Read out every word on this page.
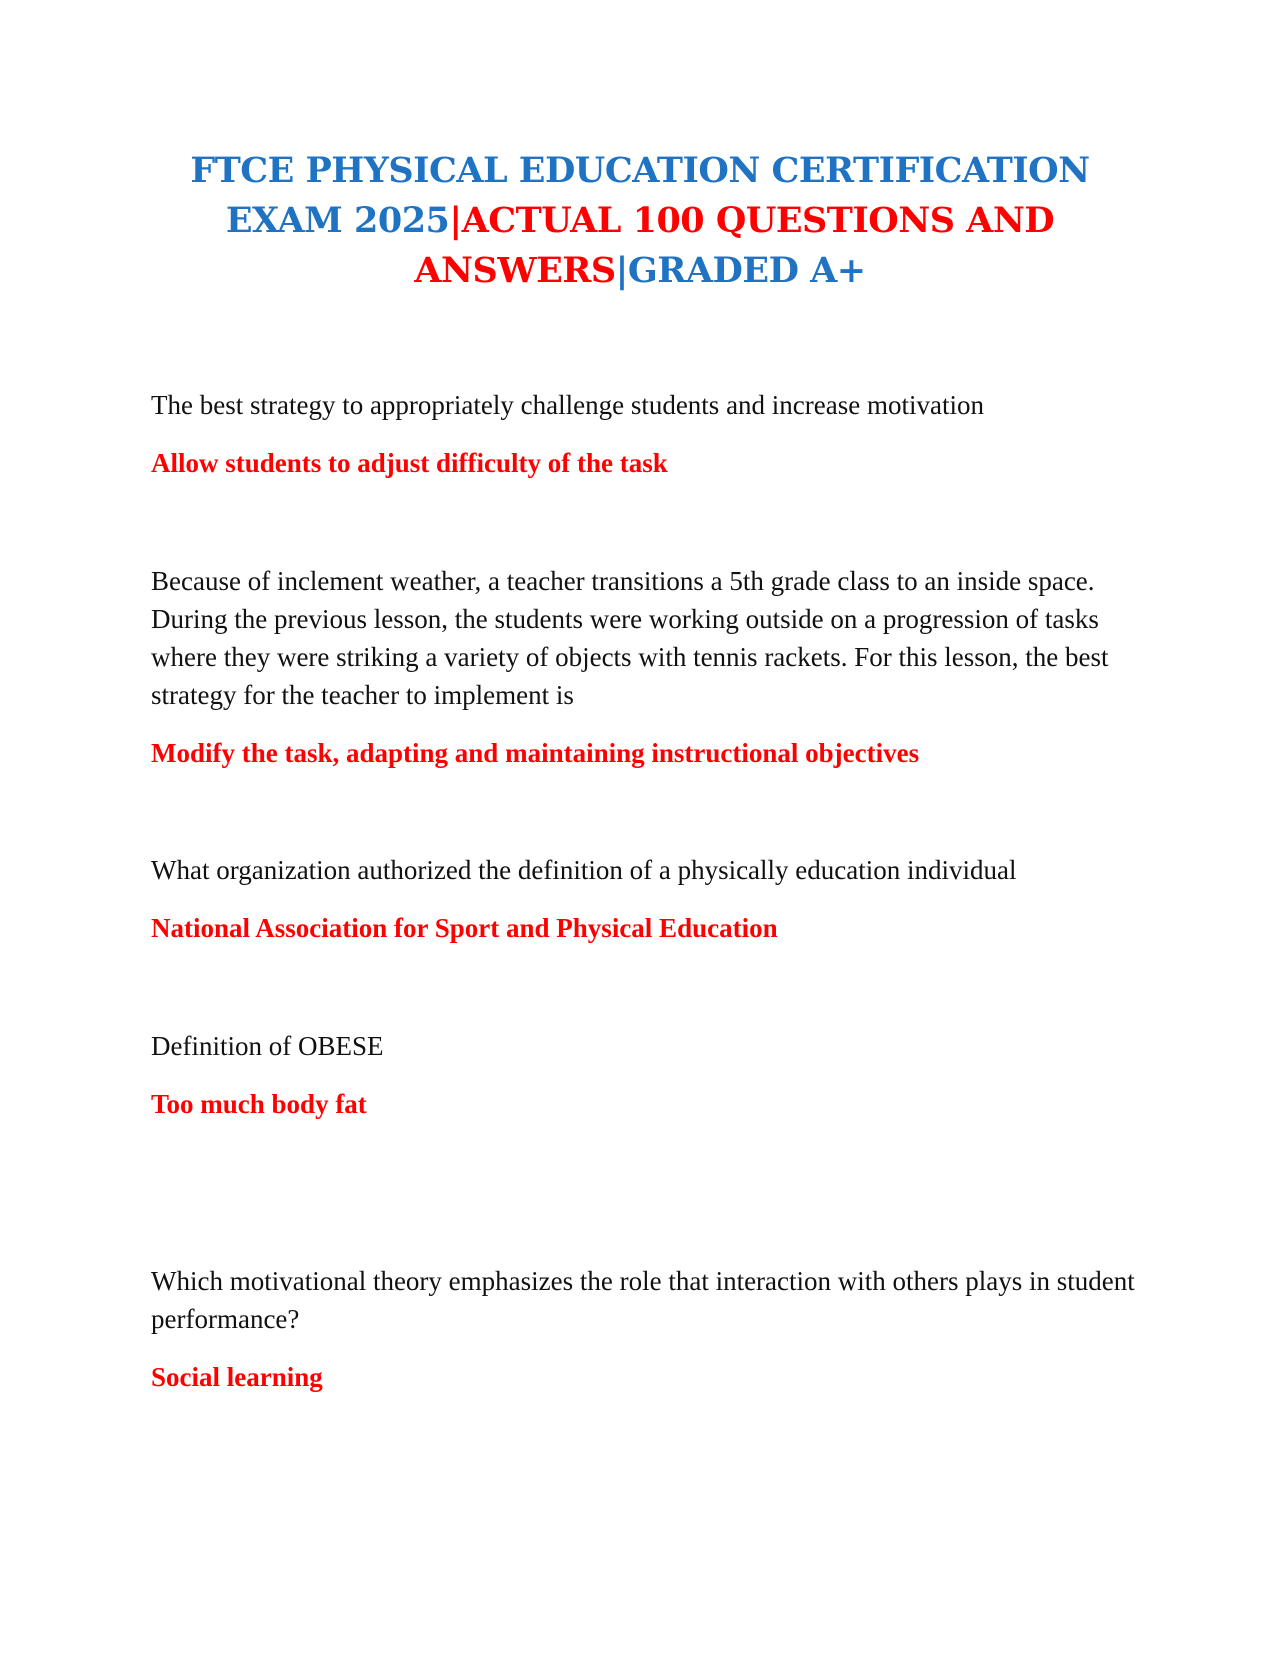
FTCE PHYSICAL EDUCATION CERTIFICATION
EXAM 2025|ACTUAL 100 QUESTIONS AND
ANSWERS|GRADED A+

The best strategy to appropriately challenge students and increase motivation

Allow students to adjust difficulty of the task

Because of inclement weather, a teacher transitions a 5th grade class to an inside space. During the previous lesson, the students were working outside on a progression of tasks where they were striking a variety of objects with tennis rackets. For this lesson, the best strategy for the teacher to implement is

Modify the task, adapting and maintaining instructional objectives

What organization authorized the definition of a physically education individual

National Association for Sport and Physical Education

Definition of OBESE

Too much body fat

Which motivational theory emphasizes the role that interaction with others plays in student performance?

Social learning
